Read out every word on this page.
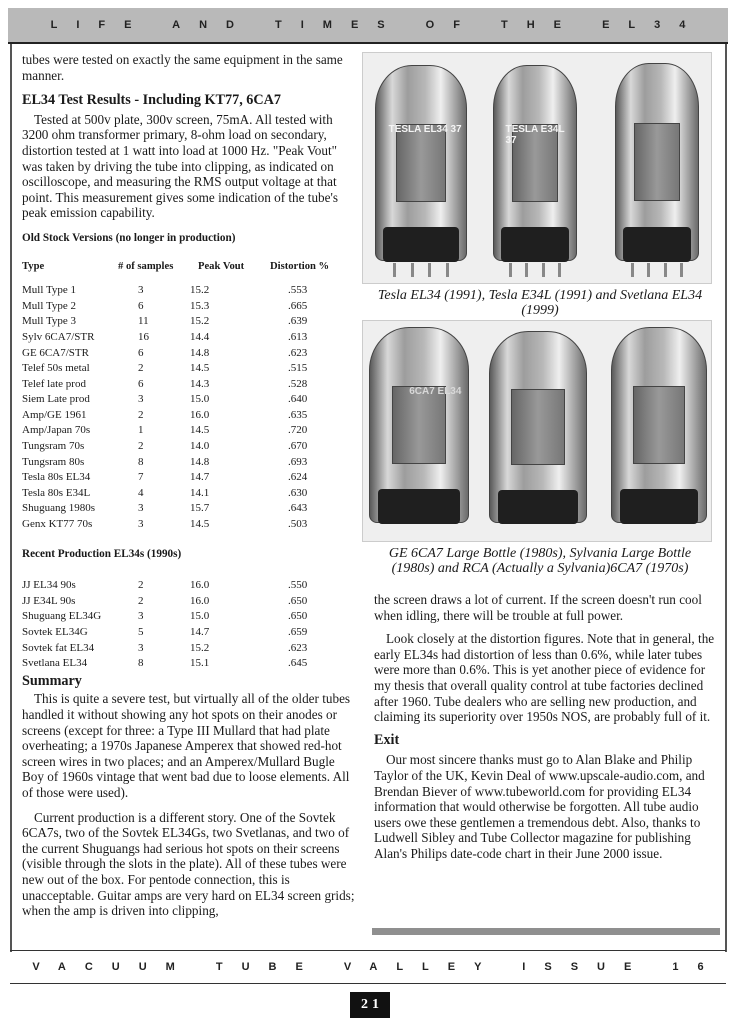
LIFE AND TIMES OF THE EL34

tubes were tested on exactly the same equipment in the same manner.

EL34 Test Results - Including KT77, 6CA7

Tested at 500v plate, 300v screen, 75mA. All tested with 3200 ohm transformer primary, 8-ohm load on secondary, distortion tested at 1 watt into load at 1000 Hz. "Peak Vout" was taken by driving the tube into clipping, as indicated on oscilloscope, and measuring the RMS output voltage at that point. This measurement gives some indication of the tube's peak emission capability.

Old Stock Versions (no longer in production)
Type	# of samples	Peak Vout	Distortion %
Mull Type 1	3	15.2	.553
Mull Type 2	6	15.3	.665
Mull Type 3	11	15.2	.639
Sylv 6CA7/STR	16	14.4	.613
GE 6CA7/STR	6	14.8	.623
Telef 50s metal	2	14.5	.515
Telef late prod	6	14.3	.528
Siem Late prod	3	15.0	.640
Amp/GE 1961	2	16.0	.635
Amp/Japan 70s	1	14.5	.720
Tungsram 70s	2	14.0	.670
Tungsram 80s	8	14.8	.693
Tesla 80s EL34	7	14.7	.624
Tesla 80s E34L	4	14.1	.630
Shuguang 1980s	3	15.7	.643
Genx KT77 70s	3	14.5	.503
Recent Production EL34s (1990s)
JJ EL34 90s	2	16.0	.550
JJ E34L 90s	2	16.0	.650
Shuguang EL34G	3	15.0	.650
Sovtek EL34G	5	14.7	.659
Sovtek fat EL34	3	15.2	.623
Svetlana EL34	8	15.1	.645
Summary

This is quite a severe test, but virtually all of the older tubes handled it without showing any hot spots on their anodes or screens (except for three: a Type III Mullard that had plate overheating; a 1970s Japanese Amperex that showed red-hot screen wires in two places; and an Amperex/Mullard Bugle Boy of 1960s vintage that went bad due to loose elements. All of those were used).

Current production is a different story. One of the Sovtek 6CA7s, two of the Sovtek EL34Gs, two Svetlanas, and two of the current Shuguangs had serious hot spots on their screens (visible through the slots in the plate). All of these tubes were new out of the box. For pentode connection, this is unacceptable. Guitar amps are very hard on EL34 screen grids; when the amp is driven into clipping,

TESLA EL34 37	TESLA E34L 37
Tesla EL34 (1991), Tesla E34L (1991) and Svetlana EL34 (1999)
6CA7 EL34
GE 6CA7 Large Bottle (1980s), Sylvania Large Bottle (1980s) and RCA (Actually a Sylvania)6CA7 (1970s)

the screen draws a lot of current. If the screen doesn't run cool when idling, there will be trouble at full power.

Look closely at the distortion figures. Note that in general, the early EL34s had distortion of less than 0.6%, while later tubes were more than 0.6%. This is yet another piece of evidence for my thesis that overall quality control at tube factories declined after 1960. Tube dealers who are selling new production, and claiming its superiority over 1950s NOS, are probably full of it.

Exit

Our most sincere thanks must go to Alan Blake and Philip Taylor of the UK, Kevin Deal of www.upscale-audio.com, and Brendan Biever of www.tubeworld.com for providing EL34 information that would otherwise be forgotten. All tube audio users owe these gentlemen a tremendous debt. Also, thanks to Ludwell Sibley and Tube Collector magazine for publishing Alan's Philips date-code chart in their June 2000 issue.

VACUUM TUBE VALLEY ISSUE 16
21
